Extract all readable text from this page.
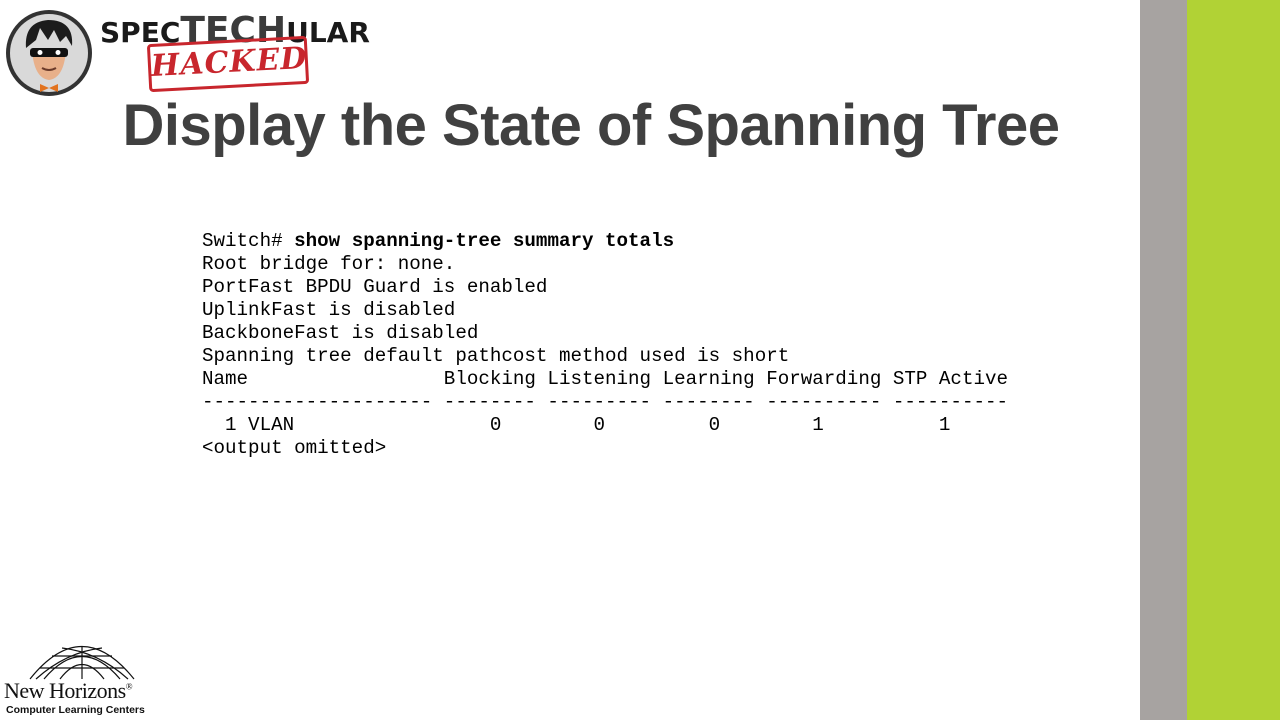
SPECTECHULAR
HACKED
Display the State of Spanning Tree
Switch# show spanning-tree summary totals
Root bridge for: none.
PortFast BPDU Guard is enabled
UplinkFast is disabled
BackboneFast is disabled
Spanning tree default pathcost method used is short
Name                 Blocking Listening Learning Forwarding STP Active
-------------------- -------- --------- -------- ---------- ----------
1 VLAN                 0        0         0        1          1
<output omitted>
New Horizons®
Computer Learning Centers
